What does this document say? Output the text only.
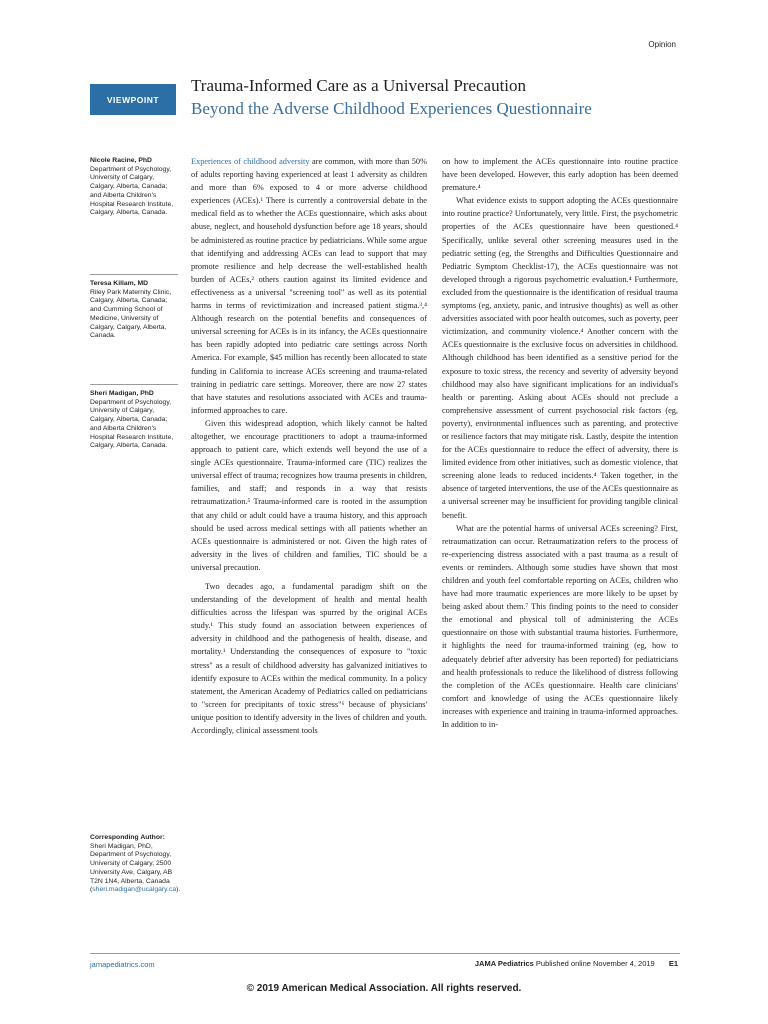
Opinion
VIEWPOINT
Trauma-Informed Care as a Universal Precaution
Beyond the Adverse Childhood Experiences Questionnaire
Nicole Racine, PhD
Department of Psychology, University of Calgary, Calgary, Alberta, Canada; and Alberta Children's Hospital Research Institute, Calgary, Alberta, Canada.
Teresa Killam, MD
Riley Park Maternity Clinic, Calgary, Alberta, Canada; and Cumming School of Medicine, University of Calgary, Calgary, Alberta, Canada.
Sheri Madigan, PhD
Department of Psychology, University of Calgary, Calgary, Alberta, Canada; and Alberta Children's Hospital Research Institute, Calgary, Alberta, Canada.
Corresponding Author: Sheri Madigan, PhD, Department of Psychology, University of Calgary, 2500 University Ave, Calgary, AB T2N 1N4, Alberta, Canada (sheri.madigan@ucalgary.ca).

Experiences of childhood adversity are common, with more than 50% of adults reporting having experienced at least 1 adversity as children and more than 6% exposed to 4 or more adverse childhood experiences (ACEs).¹ There is currently a controversial debate in the medical field as to whether the ACEs questionnaire, which asks about abuse, neglect, and household dysfunction before age 18 years, should be administered as routine practice by pediatricians. While some argue that identifying and addressing ACEs can lead to support that may promote resilience and help decrease the well-established health burden of ACEs,² others caution against its limited evidence and effectiveness as a universal "screening tool" as well as its potential harms in terms of revictimization and increased patient stigma.³,⁴ Although research on the potential benefits and consequences of universal screening for ACEs is in its infancy, the ACEs questionnaire has been rapidly adopted into pediatric care settings across North America. For example, $45 million has recently been allocated to state funding in California to increase ACEs screening and trauma-related training in pediatric care settings. Moreover, there are now 27 states that have statutes and resolutions associated with ACEs and trauma-informed approaches to care.

Given this widespread adoption, which likely cannot be halted altogether, we encourage practitioners to adopt a trauma-informed approach to patient care, which extends well beyond the use of a single ACEs questionnaire. Trauma-informed care (TIC) realizes the universal effect of trauma; recognizes how trauma presents in children, families, and staff; and responds in a way that resists retraumatization.⁵ Trauma-informed care is rooted in the assumption that any child or adult could have a trauma history, and this approach should be used across medical settings with all patients whether an ACEs questionnaire is administered or not. Given the high rates of adversity in the lives of children and families, TIC should be a universal precaution.

Two decades ago, a fundamental paradigm shift on the understanding of the development of health and mental health difficulties across the lifespan was spurred by the original ACEs study.¹ This study found an association between experiences of adversity in childhood and the pathogenesis of health, disease, and mortality.¹ Understanding the consequences of exposure to "toxic stress" as a result of childhood adversity has galvanized initiatives to identify exposure to ACEs within the medical community. In a policy statement, the American Academy of Pediatrics called on pediatricians to "screen for precipitants of toxic stress"⁶ because of physicians' unique position to identify adversity in the lives of children and youth. Accordingly, clinical assessment tools

on how to implement the ACEs questionnaire into routine practice have been developed. However, this early adoption has been deemed premature.⁴

What evidence exists to support adopting the ACEs questionnaire into routine practice? Unfortunately, very little. First, the psychometric properties of the ACEs questionnaire have been questioned.⁴ Specifically, unlike several other screening measures used in the pediatric setting (eg, the Strengths and Difficulties Questionnaire and Pediatric Symptom Checklist-17), the ACEs questionnaire was not developed through a rigorous psychometric evaluation.⁴ Furthermore, excluded from the questionnaire is the identification of residual trauma symptoms (eg, anxiety, panic, and intrusive thoughts) as well as other adversities associated with poor health outcomes, such as poverty, peer victimization, and community violence.⁴ Another concern with the ACEs questionnaire is the exclusive focus on adversities in childhood. Although childhood has been identified as a sensitive period for the exposure to toxic stress, the recency and severity of adversity beyond childhood may also have significant implications for an individual's health or parenting. Asking about ACEs should not preclude a comprehensive assessment of current psychosocial risk factors (eg, poverty), environmental influences such as parenting, and protective or resilience factors that may mitigate risk. Lastly, despite the intention for the ACEs questionnaire to reduce the effect of adversity, there is limited evidence from other initiatives, such as domestic violence, that screening alone leads to reduced incidents.⁴ Taken together, in the absence of targeted interventions, the use of the ACEs questionnaire as a universal screener may be insufficient for providing tangible clinical benefit.

What are the potential harms of universal ACEs screening? First, retraumatization can occur. Retraumatization refers to the process of re-experiencing distress associated with a past trauma as a result of events or reminders. Although some studies have shown that most children and youth feel comfortable reporting on ACEs, children who have had more traumatic experiences are more likely to be upset by being asked about them.⁷ This finding points to the need to consider the emotional and physical toll of administering the ACEs questionnaire on those with substantial trauma histories. Furthermore, it highlights the need for trauma-informed training (eg, how to adequately debrief after adversity has been reported) for pediatricians and health professionals to reduce the likelihood of distress following the completion of the ACEs questionnaire. Health care clinicians' comfort and knowledge of using the ACEs questionnaire likely increases with experience and training in trauma-informed approaches. In addition to in-

jamapediatrics.com	JAMA Pediatrics Published online November 4, 2019 E1
© 2019 American Medical Association. All rights reserved.
